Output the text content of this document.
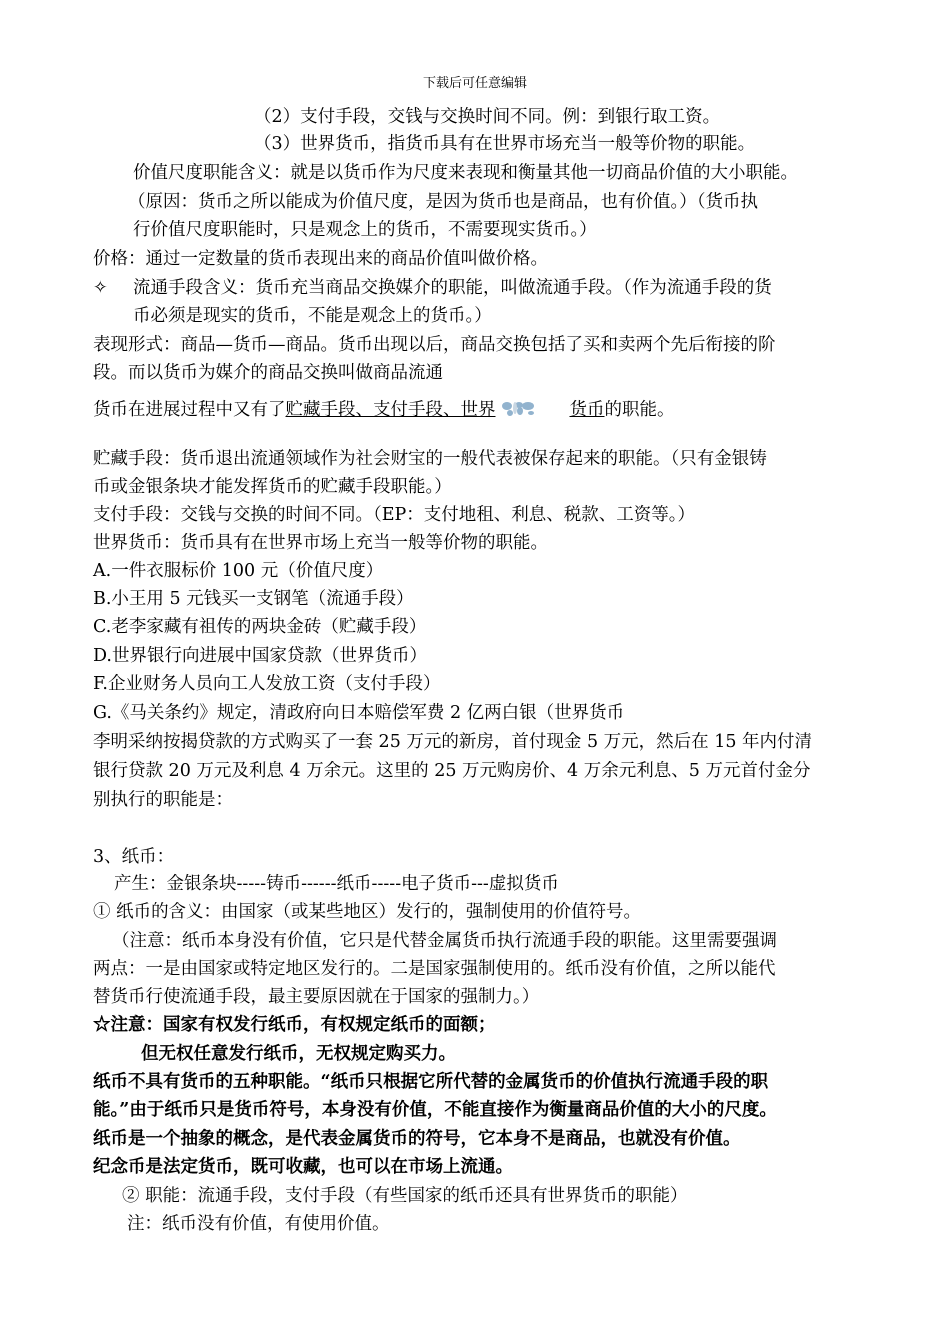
下载后可任意编辑
（2）支付手段，交钱与交换时间不同。例：到银行取工资。
（3）世界货币，指货币具有在世界市场充当一般等价物的职能。
价值尺度职能含义：就是以货币作为尺度来表现和衡量其他一切商品价值的大小职能。
（原因：货币之所以能成为价值尺度，是因为货币也是商品，也有价值。）（货币执
行价值尺度职能时，只是观念上的货币，不需要现实货币。）
价格：通过一定数量的货币表现出来的商品价值叫做价格。
✧ 流通手段含义：货币充当商品交换媒介的职能，叫做流通手段。（作为流通手段的货
币必须是现实的货币，不能是观念上的货币。）
表现形式：商品—货币—商品。货币出现以后，商品交换包括了买和卖两个先后衔接的阶
段。而以货币为媒介的商品交换叫做商品流通
货币在进展过程中又有了贮藏手段、支付手段、世界	货币的职能。
贮藏手段：货币退出流通领域作为社会财宝的一般代表被保存起来的职能。（只有金银铸
币或金银条块才能发挥货币的贮藏手段职能。）
支付手段：交钱与交换的时间不同。（EP：支付地租、利息、税款、工资等。）
世界货币：货币具有在世界市场上充当一般等价物的职能。
A.一件衣服标价 100 元（价值尺度）
B.小王用 5 元钱买一支钢笔（流通手段）
C.老李家藏有祖传的两块金砖（贮藏手段）
D.世界银行向进展中国家贷款（世界货币）
F.企业财务人员向工人发放工资（支付手段）
G.《马关条约》规定，清政府向日本赔偿军费 2 亿两白银（世界货币
李明采纳按揭贷款的方式购买了一套 25 万元的新房，首付现金 5 万元，然后在 15 年内付清
银行贷款 20 万元及利息 4 万余元。这里的 25 万元购房价、4 万余元利息、5 万元首付金分
别执行的职能是：
3、纸币：
产生：金银条块-----铸币------纸币-----电子货币---虚拟货币
① 纸币的含义：由国家（或某些地区）发行的，强制使用的价值符号。
（注意：纸币本身没有价值，它只是代替金属货币执行流通手段的职能。这里需要强调
两点：一是由国家或特定地区发行的。二是国家强制使用的。纸币没有价值，之所以能代
替货币行使流通手段，最主要原因就在于国家的强制力。）
☆注意：国家有权发行纸币，有权规定纸币的面额；
但无权任意发行纸币，无权规定购买力。
纸币不具有货币的五种职能。“纸币只根据它所代替的金属货币的价值执行流通手段的职
能。”由于纸币只是货币符号，本身没有价值，不能直接作为衡量商品价值的大小的尺度。
纸币是一个抽象的概念，是代表金属货币的符号，它本身不是商品，也就没有价值。
纪念币是法定货币，既可收藏，也可以在市场上流通。
② 职能：流通手段，支付手段（有些国家的纸币还具有世界货币的职能）
注：纸币没有价值，有使用价值。
